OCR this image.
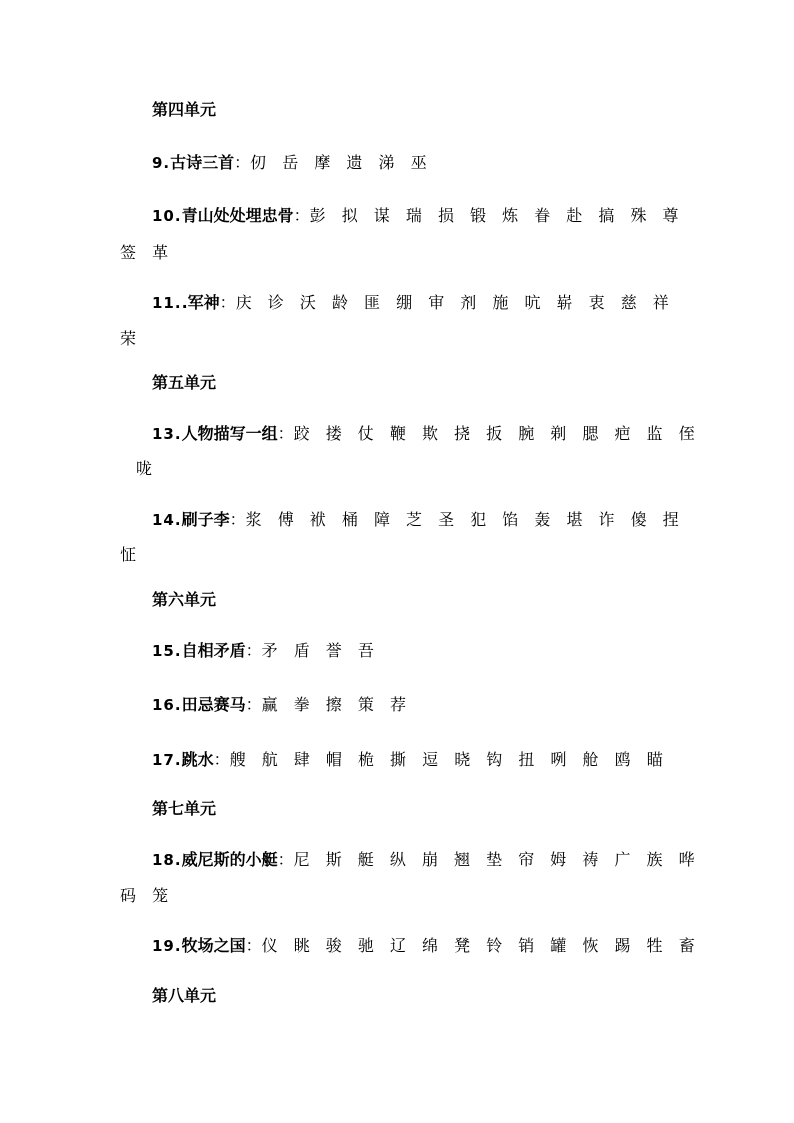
第四单元
9.古诗三首：仞 岳 摩 遗 涕 巫
10.青山处处埋忠骨：彭 拟 谋 瑞 损 锻 炼 眷 赴 搞 殊 尊
签 革
11..军神：庆 诊 沃 龄 匪 绷 审 剂 施 吭 崭 衷 慈 祥
荣
第五单元
13.人物描写一组：跤 搂 仗 鞭 欺 挠 扳 腕 剃 腮 疤 监 侄
咙
14.刷子李：浆 傅 袱 桶 障 芝 圣 犯 馅 轰 堪 诈 傻 捏
怔
第六单元
15.自相矛盾：矛 盾 誉 吾
16.田忌赛马：赢 拳 擦 策 荐
17.跳水：艘 航 肆 帽 桅 撕 逗 晓 钩 扭 咧 舱 鸥 瞄
第七单元
18.威尼斯的小艇：尼 斯 艇 纵 崩 翘 垫 帘 姆 祷 广 族 哗
码 笼
19.牧场之国：仪 眺 骏 驰 辽 绵 凳 铃 销 罐 恢 踢 牲 畜
第八单元
